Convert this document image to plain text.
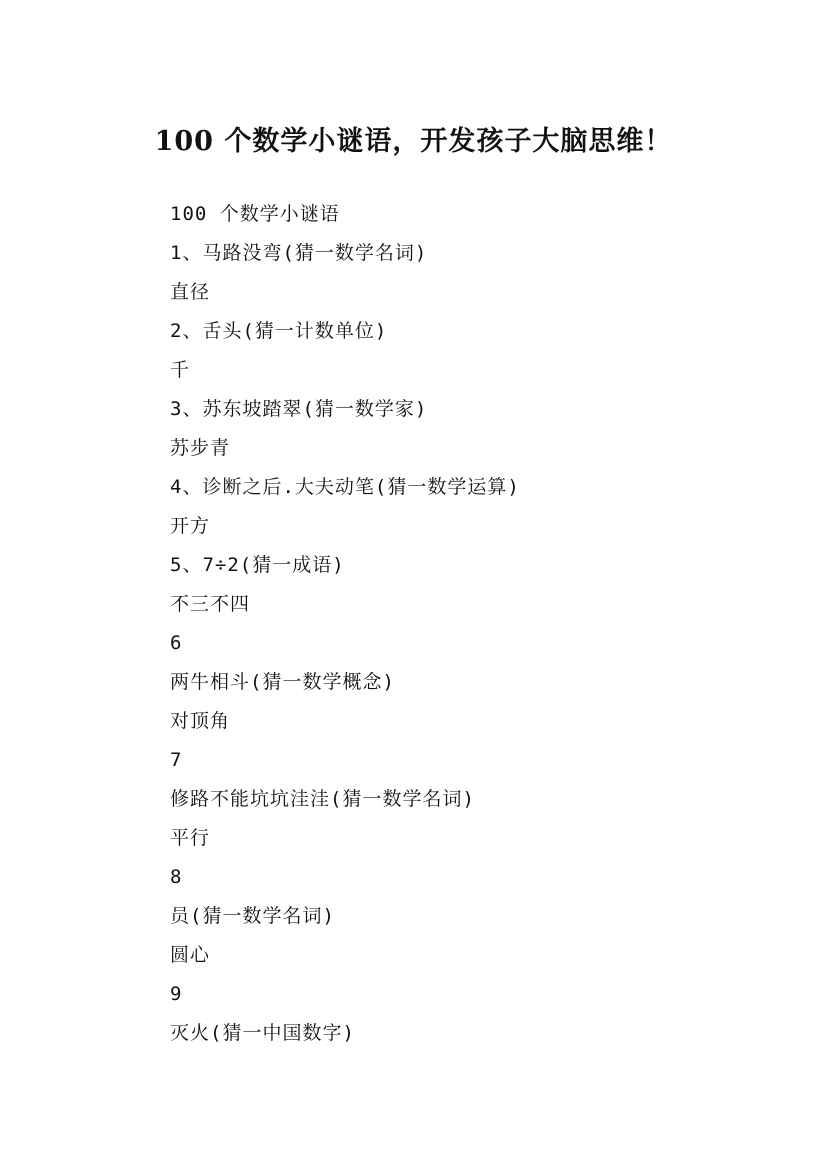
100 个数学小谜语，开发孩子大脑思维！
100 个数学小谜语
1、马路没弯(猜一数学名词)
直径
2、舌头(猜一计数单位)
千
3、苏东坡踏翠(猜一数学家)
苏步青
4、诊断之后.大夫动笔(猜一数学运算)
开方
5、7÷2(猜一成语)
不三不四
6
两牛相斗(猜一数学概念)
对顶角
7
修路不能坑坑洼洼(猜一数学名词)
平行
8
员(猜一数学名词)
圆心
9
灭火(猜一中国数字)
